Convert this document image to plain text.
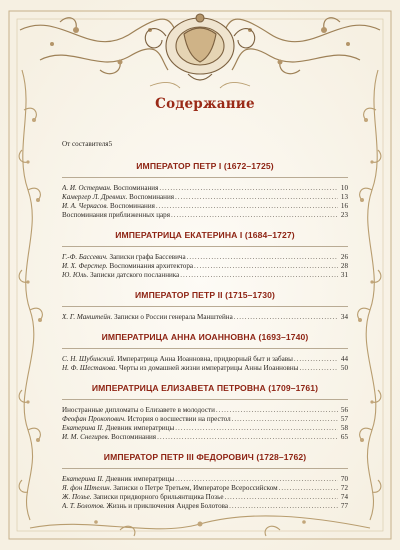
Содержание
От составителя 5
ИМПЕРАТОР ПЕТР I (1672–1725)
А. И. Остерман. Воспоминания . . .	10
Камергер Л. Древних. Воспоминания . . .	13
И. А. Черкасов. Воспоминания . . .	16
Воспоминания приближенных царя . . .	23
ИМПЕРАТРИЦА ЕКАТЕРИНА I (1684–1727)
Г.-Ф. Бассевич. Записки графа Бассевича . . .	26
И. Х. Ферстер. Воспоминания архитектора . . .	28
Ю. Юль. Записки датского посланника . . .	31
ИМПЕРАТОР ПЕТР II (1715–1730)
Х. Г. Манштейн. Записки о России генерала Манштейна . . .	34
ИМПЕРАТРИЦА АННА ИОАННОВНА (1693–1740)
С. Н. Шубинский. Императрица Анна Иоанновна, придворный быт и забавы . . .	44
Н. Ф. Шестакова. Черты из домашней жизни императрицы Анны Иоанновны . . .	50
ИМПЕРАТРИЦА ЕЛИЗАВЕТА ПЕТРОВНА (1709–1761)
Иностранные дипломаты о Елизавете в молодости . . .	56
Феофан Прокопович. История о восшествии на престол . . .	57
Екатерина II. Дневник императрицы . . .	58
И. М. Снегирев. Воспоминания . . .	65
ИМПЕРАТОР ПЕТР III ФЕДОРОВИЧ (1728–1762)
Екатерина II. Дневник императрицы . . .	70
Я. фон Штелин. Записки о Петре Третьем, Императоре Всероссийском . . .	72
Ж. Позье. Записки придворного брильянтщика Позье . . .	74
А. Т. Болотов. Жизнь и приключения Андрея Болотова . . .	77
